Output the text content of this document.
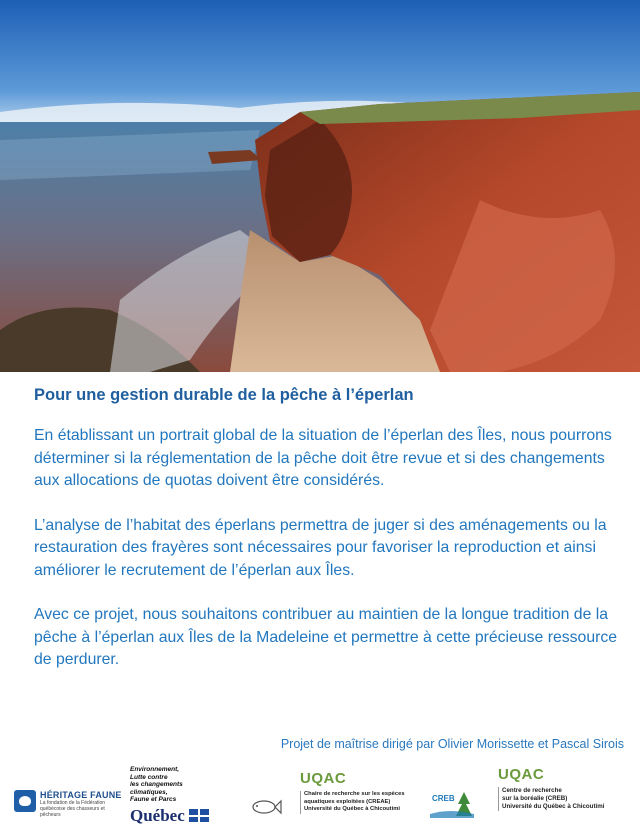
Pour une gestion durable de la pêche à l’éperlan

En établissant un portrait global de la situation de l’éperlan des Îles, nous pourrons déterminer si la réglementation de la pêche doit être revue et si des changements aux allocations de quotas doivent être considérés.

L’analyse de l’habitat des éperlans permettra de juger si des aménagements ou la restauration des frayères sont nécessaires pour favoriser la reproduction et ainsi améliorer le recrutement de l’éperlan aux Îles.

Avec ce projet, nous souhaitons contribuer au maintien de la longue tradition de la pêche à l’éperlan aux Îles de la Madeleine et permettre à cette précieuse ressource de perdurer.

Projet de maîtrise dirigé par Olivier Morissette et Pascal Sirois
HÉRITAGE FAUNE
La fondation de la Fédération québécoise des chasseurs et pêcheurs
Environnement,
Lutte contre
les changements
climatiques,
Faune et Parcs
Québec
UQAC
Chaire de recherche sur les espèces
aquatiques exploitées (CREAE)
Université du Québec à Chicoutimi
CREB
UQAC
Centre de recherche
sur la boréalie (CREB)
Université du Québec à Chicoutimi
